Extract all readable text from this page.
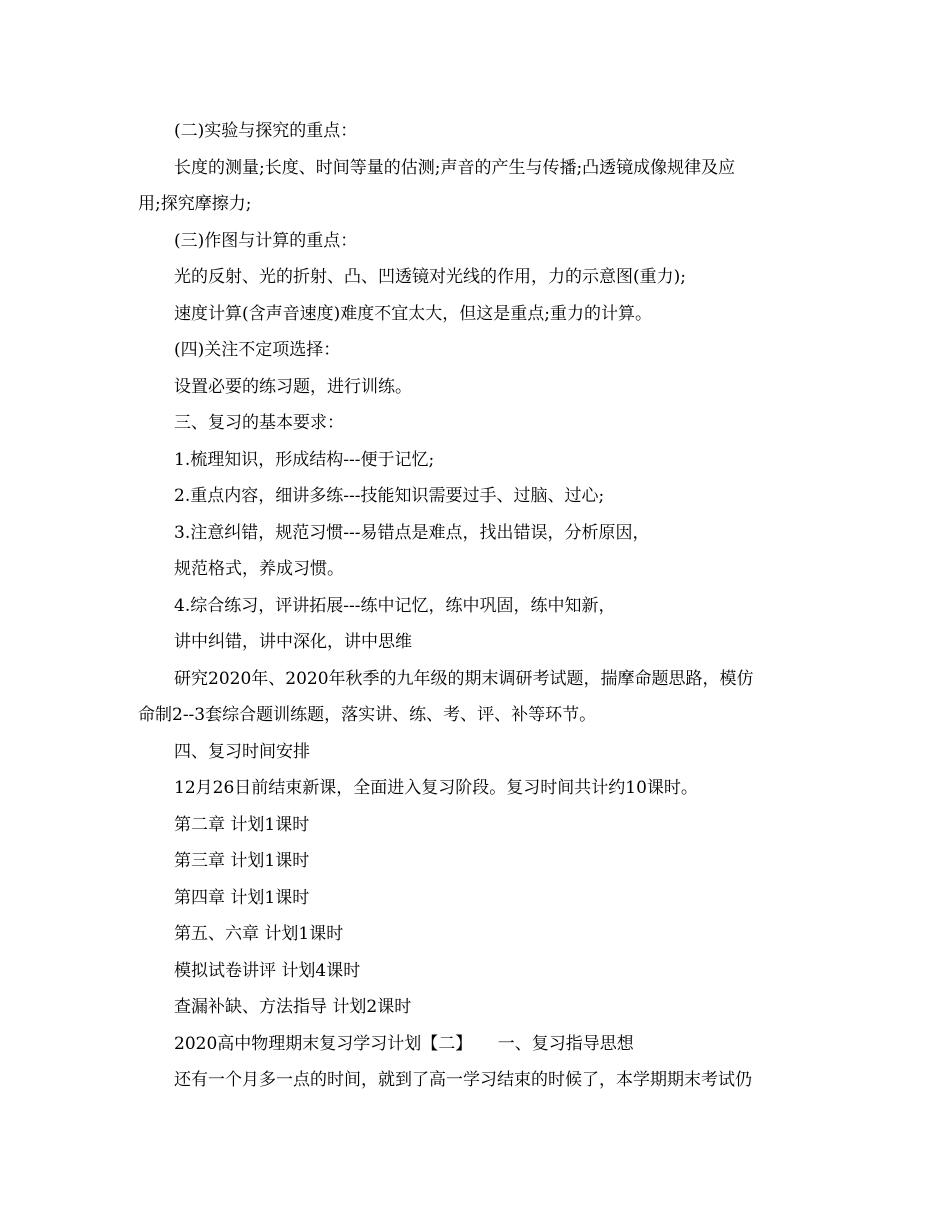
(二)实验与探究的重点：
长度的测量;长度、时间等量的估测;声音的产生与传播;凸透镜成像规律及应
用;探究摩擦力;
(三)作图与计算的重点：
光的反射、光的折射、凸、凹透镜对光线的作用，力的示意图(重力);
速度计算(含声音速度)难度不宜太大，但这是重点;重力的计算。
(四)关注不定项选择：
设置必要的练习题，进行训练。
三、复习的基本要求：
1.梳理知识，形成结构---便于记忆;
2.重点内容，细讲多练---技能知识需要过手、过脑、过心;
3.注意纠错，规范习惯---易错点是难点，找出错误，分析原因，
规范格式，养成习惯。
4.综合练习，评讲拓展---练中记忆，练中巩固，练中知新，
讲中纠错，讲中深化，讲中思维
研究2020年、2020年秋季的九年级的期末调研考试题，揣摩命题思路，模仿
命制2--3套综合题训练题，落实讲、练、考、评、补等环节。
四、复习时间安排
12月26日前结束新课，全面进入复习阶段。复习时间共计约10课时。
第二章 计划1课时
第三章 计划1课时
第四章 计划1课时
第五、六章 计划1课时
模拟试卷讲评 计划4课时
查漏补缺、方法指导 计划2课时
2020高中物理期末复习学习计划【二】　　一、复习指导思想
还有一个月多一点的时间，就到了高一学习结束的时候了，本学期期末考试仍
